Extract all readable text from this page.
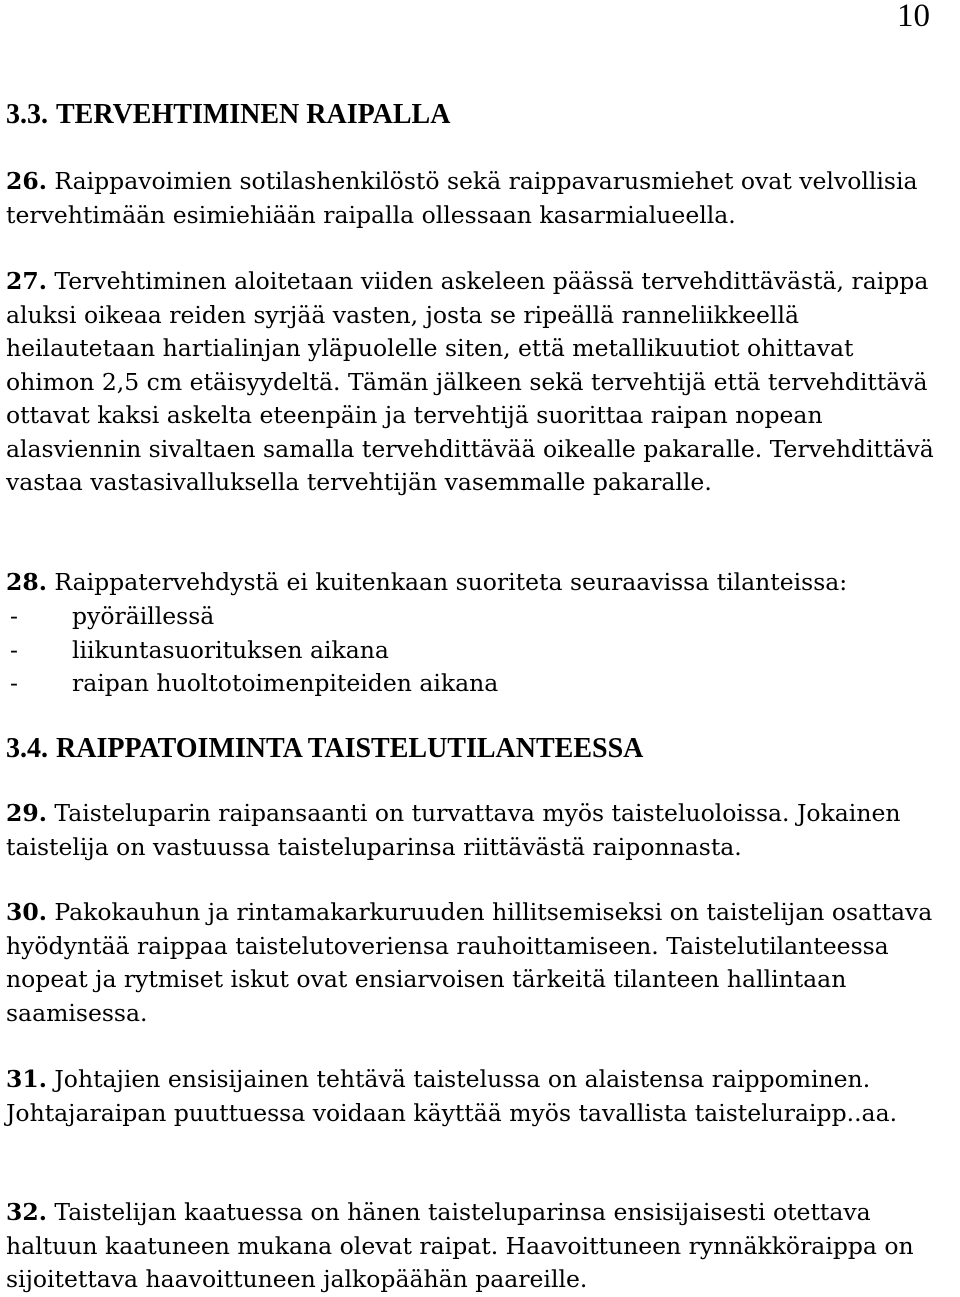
10
3.3. TERVEHTIMINEN RAIPALLA

26. Raippavoimien sotilashenkilöstö sekä raippavarusmiehet ovat velvollisia tervehtimään esimiehiään raipalla ollessaan kasarmialueella.

27. Tervehtiminen aloitetaan viiden askeleen päässä tervehdittävästä, raippa aluksi oikeaa reiden syrjää vasten, josta se ripeällä ranneliikkeellä heilautetaan hartialinjan yläpuolelle siten, että metallikuutiot ohittavat ohimon 2,5 cm etäisyydeltä. Tämän jälkeen sekä tervehtijä että tervehdittävä ottavat kaksi askelta eteenpäin ja tervehtijä suorittaa raipan nopean alasviennin sivaltaen samalla tervehdittävää oikealle pakaralle. Tervehdittävä vastaa vastasivalluksella tervehtijän vasemmalle pakaralle.

28. Raippatervehdystä ei kuitenkaan suoriteta seuraavissa tilanteissa:

- pyöräillessä
- liikuntasuorituksen aikana
- raipan huoltotoimenpiteiden aikana
3.4. RAIPPATOIMINTA TAISTELUTILANTEESSA

29. Taisteluparin raipansaanti on turvattava myös taisteluoloissa. Jokainen taistelija on vastuussa taisteluparinsa riittävästä raiponnasta.

30. Pakokauhun ja rintamakarkuruuden hillitsemiseksi on taistelijan osattava hyödyntää raippaa taistelutoveriensa rauhoittamiseen. Taistelutilanteessa nopeat ja rytmiset iskut ovat ensiarvoisen tärkeitä tilanteen hallintaan saamisessa.

31. Johtajien ensisijainen tehtävä taistelussa on alaistensa raippominen. Johtajaraipan puuttuessa voidaan käyttää myös tavallista taisteluraipp..aa.

32. Taistelijan kaatuessa on hänen taisteluparinsa ensisijaisesti otettava haltuun kaatuneen mukana olevat raipat. Haavoittuneen rynnäkköraippa on sijoitettava haavoittuneen jalkopäähän paareille.
